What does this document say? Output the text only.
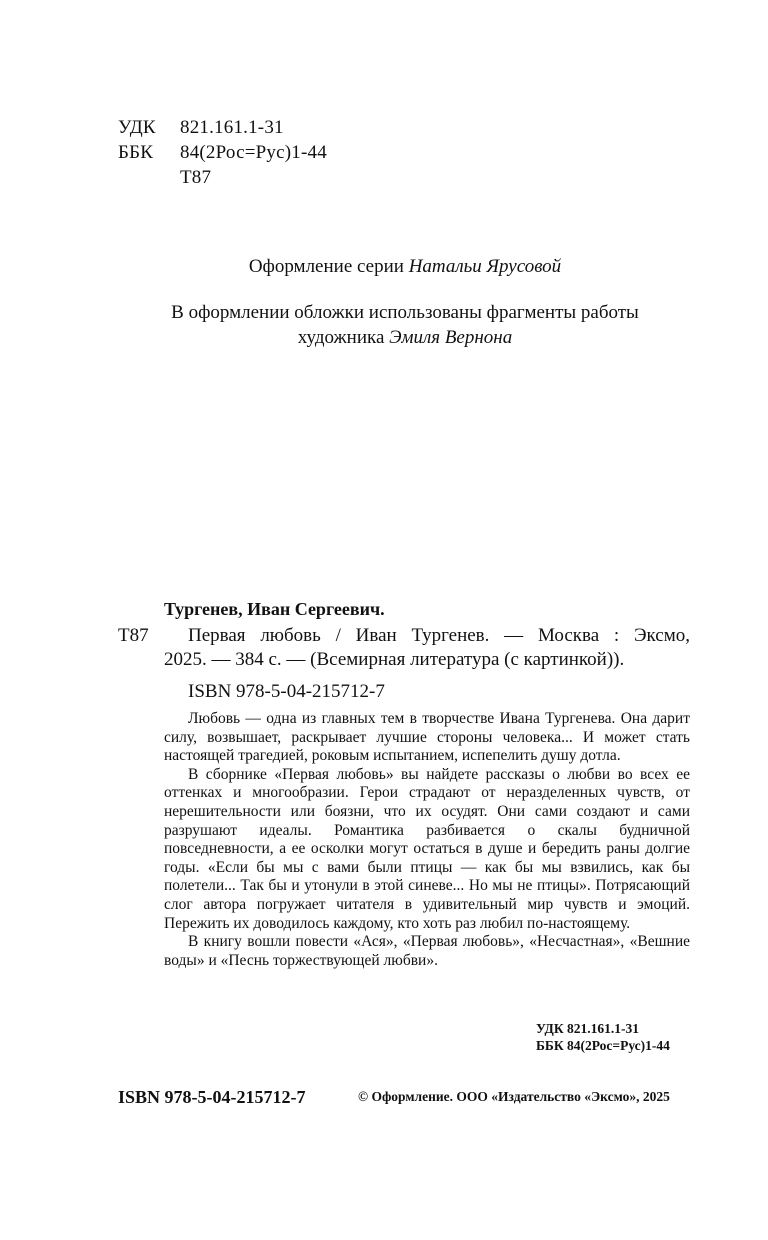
УДК	821.161.1-31
ББК	84(2Рос=Рус)1-44
Т87
Оформление серии Натальи Ярусовой
В оформлении обложки использованы фрагменты работы
художника Эмиля Вернона
Тургенев, Иван Сергеевич.
Т87 Первая любовь / Иван Тургенев. — Москва : Эксмо,
2025. — 384 с. — (Всемирная литература (с картинкой)).
ISBN 978-5-04-215712-7

Любовь — одна из главных тем в творчестве Ивана Тургенева. Она дарит силу, возвышает, раскрывает лучшие стороны человека... И может стать настоящей трагедией, роковым испытанием, испепелить душу дотла.

В сборнике «Первая любовь» вы найдете рассказы о любви во всех ее оттенках и многообразии. Герои страдают от неразделенных чувств, от нерешительности или боязни, что их осудят. Они сами создают и сами разрушают идеалы. Романтика разбивается о скалы будничной повседневности, а ее осколки могут остаться в душе и бередить раны долгие годы. «Если бы мы с вами были птицы — как бы мы взвились, как бы полетели... Так бы и утонули в этой синеве... Но мы не птицы». Потрясающий слог автора погружает читателя в удивительный мир чувств и эмоций. Пережить их доводилось каждому, кто хоть раз любил по-настоящему.

В книгу вошли повести «Ася», «Первая любовь», «Несчастная», «Вешние воды» и «Песнь торжествующей любви».

УДК 821.161.1-31
ББК 84(2Рос=Рус)1-44
ISBN 978-5-04-215712-7	© Оформление. ООО «Издательство «Эксмо», 2025
